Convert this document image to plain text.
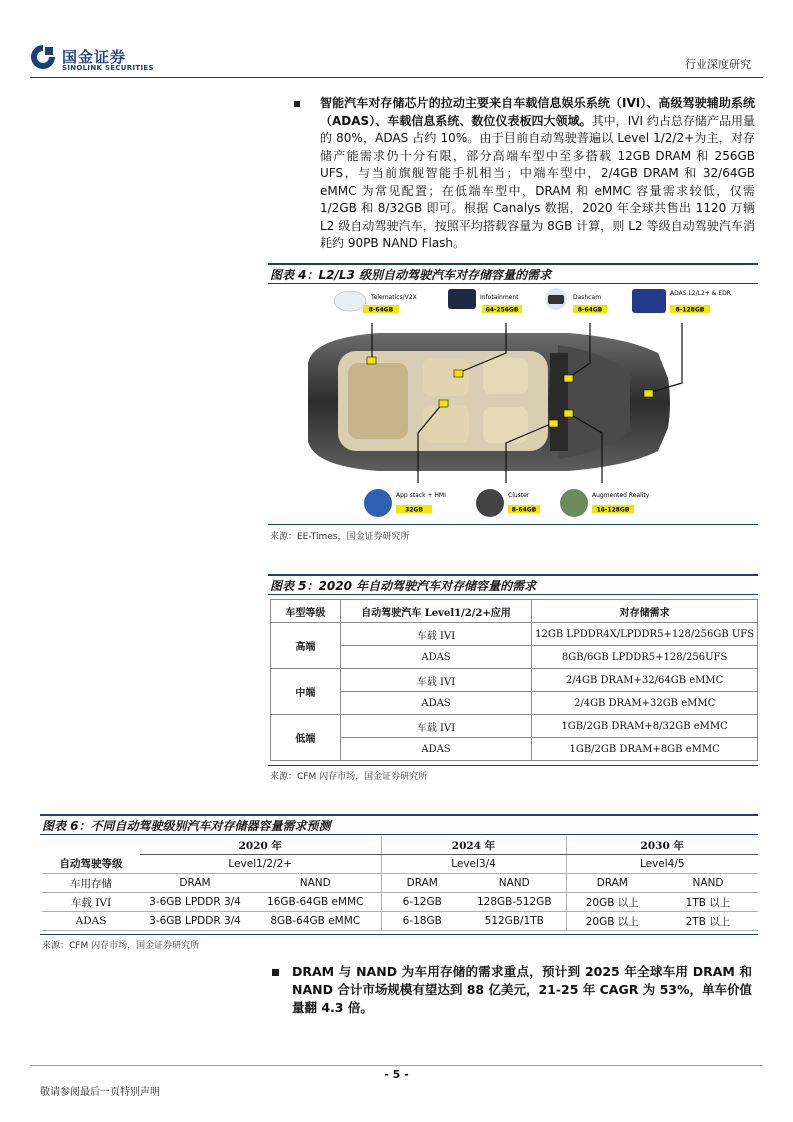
国金证券
SINOLINK SECURITIES	行业深度研究
智能汽车对存储芯片的拉动主要来自车载信息娱乐系统（IVI）、高级驾驶辅助系统（ADAS）、车载信息系统、数位仪表板四大领域。其中，IVI 约占总存储产品用量的 80%，ADAS 占约 10%。由于目前自动驾驶普遍以 Level 1/2/2+为主，对存储产能需求仍十分有限，部分高端车型中至多搭载 12GB DRAM 和 256GB UFS，与当前旗舰智能手机相当；中端车型中，2/4GB DRAM 和 32/64GB eMMC 为常见配置；在低端车型中，DRAM 和 eMMC 容量需求较低，仅需 1/2GB 和 8/32GB 即可。根据 Canalys 数据，2020 年全球共售出 1120 万辆 L2 级自动驾驶汽车，按照平均搭载容量为 8GB 计算，则 L2 等级自动驾驶汽车消耗约 90PB NAND Flash。
图表 4：L2/L3 级别自动驾驶汽车对存储容量的需求
Telematics/V2X
8-64GB
Infotainment
64-256GB
Dashcam
8-64GB
ADAS L2/L2+ & EDR
8-128GB
App stack + HMI
32GB
Cluster
8-64GB
Augmented Reality
16-128GB
来源：EE-Times，国金证券研究所
图表 5：2020 年自动驾驶汽车对存储容量的需求
车型等级	自动驾驶汽车 Level1/2/2+应用	对存储需求
高端	车载 IVI	12GB LPDDR4X/LPDDR5+128/256GB UFS
	ADAS	8GB/6GB LPDDR5+128/256UFS
中端	车载 IVI	2/4GB DRAM+32/64GB eMMC
	ADAS	2/4GB DRAM+32GB eMMC
低端	车载 IVI	1GB/2GB DRAM+8/32GB eMMC
	ADAS	1GB/2GB DRAM+8GB eMMC
来源：CFM 闪存市场，国金证券研究所
图表 6：不同自动驾驶级别汽车对存储器容量需求预测
	2020 年		2024 年		2030 年	
自动驾驶等级	Level1/2/2+		Level3/4		Level4/5	
车用存储	DRAM	NAND	DRAM	NAND	DRAM	NAND
车载 IVI	3-6GB LPDDR 3/4	16GB-64GB eMMC	6-12GB	128GB-512GB	20GB 以上	1TB 以上
ADAS	3-6GB LPDDR 3/4	8GB-64GB eMMC	6-18GB	512GB/1TB	20GB 以上	2TB 以上
来源：CFM 闪存市场，国金证券研究所
DRAM 与 NAND 为车用存储的需求重点，预计到 2025 年全球车用 DRAM 和 NAND 合计市场规模有望达到 88 亿美元，21-25 年 CAGR 为 53%，单车价值量翻 4.3 倍。
- 5 -
敬请参阅最后一页特别声明
